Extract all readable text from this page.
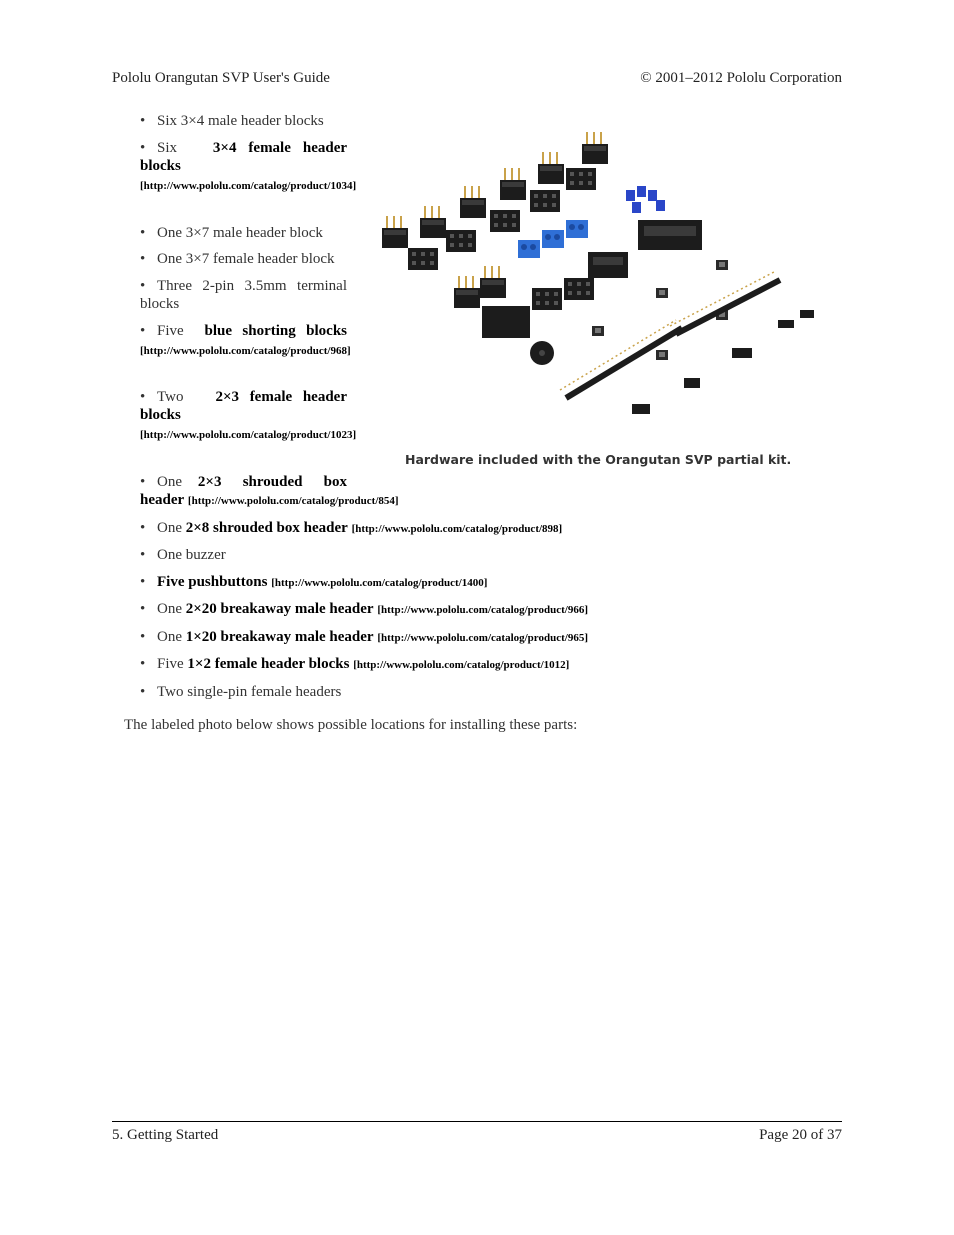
Pololu Orangutan SVP User's Guide	© 2001–2012 Pololu Corporation
• Six 3×4 male header blocks
• Six 3×4 female header blocks
[http://www.pololu.com/catalog/product/1034]
• One 3×7 male header block
• One 3×7 female header block
• Three 2-pin 3.5mm terminal blocks
• Five blue shorting blocks
[http://www.pololu.com/catalog/product/968]
• Two 2×3 female header blocks
[http://www.pololu.com/catalog/product/1023]
• One 2×3    shrouded    box
header [http://www.pololu.com/catalog/product/854]
• One 2×8 shrouded box header [http://www.pololu.com/catalog/product/898]
• One buzzer
• Five pushbuttons [http://www.pololu.com/catalog/product/1400]
• One 2×20 breakaway male header [http://www.pololu.com/catalog/product/966]
• One 1×20 breakaway male header [http://www.pololu.com/catalog/product/965]
• Five 1×2 female header blocks [http://www.pololu.com/catalog/product/1012]
• Two single-pin female headers
Hardware included with the Orangutan SVP partial kit.
The labeled photo below shows possible locations for installing these parts:
5. Getting Started	Page 20 of 37
